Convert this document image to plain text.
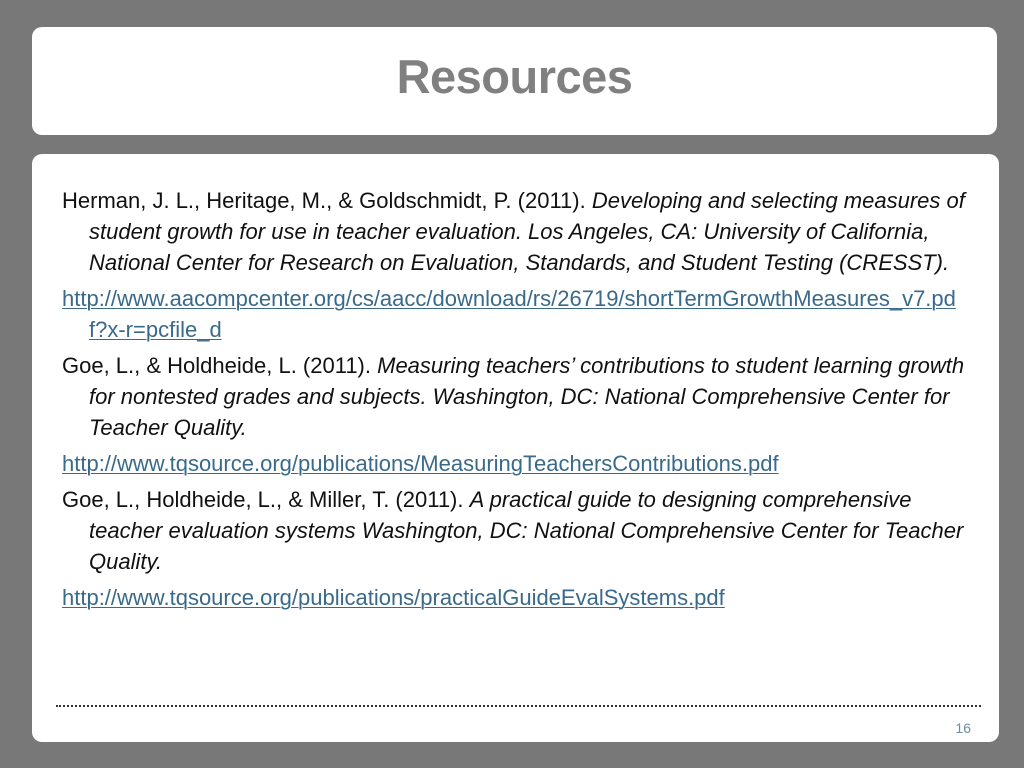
Resources
Herman, J. L., Heritage, M., & Goldschmidt, P. (2011). Developing and selecting measures of student growth for use in teacher evaluation. Los Angeles, CA: University of California, National Center for Research on Evaluation, Standards, and Student Testing (CRESST).
http://www.aacompcenter.org/cs/aacc/download/rs/26719/shortTermGrowthMeasures_v7.pdf?x-r=pcfile_d
Goe, L., & Holdheide, L. (2011). Measuring teachers’ contributions to student learning growth for nontested grades and subjects. Washington, DC: National Comprehensive Center for Teacher Quality.
http://www.tqsource.org/publications/MeasuringTeachersContributions.pdf
Goe, L., Holdheide, L., & Miller, T. (2011). A practical guide to designing comprehensive teacher evaluation systems Washington, DC: National Comprehensive Center for Teacher Quality.
http://www.tqsource.org/publications/practicalGuideEvalSystems.pdf
16
